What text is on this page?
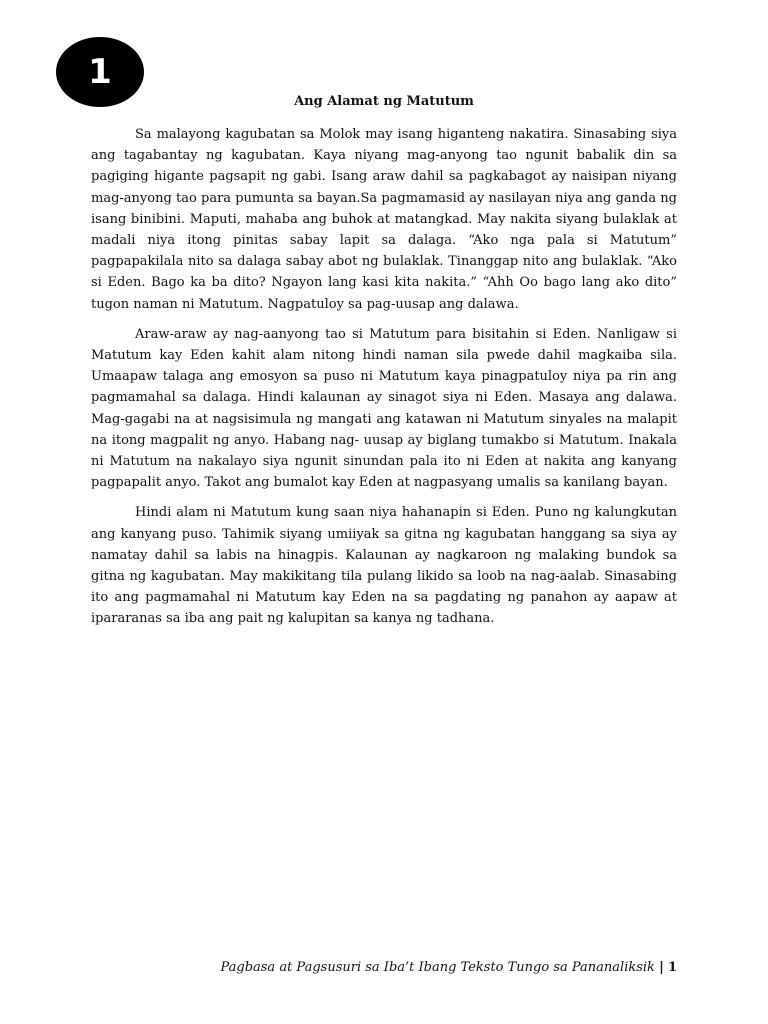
1
Ang Alamat ng Matutum

Sa malayong kagubatan sa Molok may isang higanteng nakatira. Sinasabing siya ang tagabantay ng kagubatan. Kaya niyang mag-anyong tao ngunit babalik din sa pagiging higante pagsapit ng gabi. Isang araw dahil sa pagkabagot ay naisipan niyang mag-anyong tao para pumunta sa bayan.Sa pagmamasid ay nasilayan niya ang ganda ng isang binibini. Maputi, mahaba ang buhok at matangkad. May nakita siyang bulaklak at madali niya itong pinitas sabay lapit sa dalaga. “Ako nga pala si Matutum” pagpapakilala nito sa dalaga sabay abot ng bulaklak. Tinanggap nito ang bulaklak. “Ako si Eden. Bago ka ba dito? Ngayon lang kasi kita nakita.” “Ahh Oo bago lang ako dito” tugon naman ni Matutum. Nagpatuloy sa pag-uusap ang dalawa.

Araw-araw ay nag-aanyong tao si Matutum para bisitahin si Eden. Nanligaw si Matutum kay Eden kahit alam nitong hindi naman sila pwede dahil magkaiba sila. Umaapaw talaga ang emosyon sa puso ni Matutum kaya pinagpatuloy niya pa rin ang pagmamahal sa dalaga. Hindi kalaunan ay sinagot siya ni Eden. Masaya ang dalawa. Mag-gagabi na at nagsisimula ng mangati ang katawan ni Matutum sinyales na malapit na itong magpalit ng anyo. Habang nag- uusap ay biglang tumakbo si Matutum. Inakala ni Matutum na nakalayo siya ngunit sinundan pala ito ni Eden at nakita ang kanyang pagpapalit anyo. Takot ang bumalot kay Eden at nagpasyang umalis sa kanilang bayan.

Hindi alam ni Matutum kung saan niya hahanapin si Eden. Puno ng kalungkutan ang kanyang puso. Tahimik siyang umiiyak sa gitna ng kagubatan hanggang sa siya ay namatay dahil sa labis na hinagpis. Kalaunan ay nagkaroon ng malaking bundok sa gitna ng kagubatan. May makikitang tila pulang likido sa loob na nag-aalab. Sinasabing ito ang pagmamahal ni Matutum kay Eden na sa pagdating ng panahon ay aapaw at ipararanas sa iba ang pait ng kalupitan sa kanya ng tadhana.

Pagbasa at Pagsusuri sa Iba’t Ibang Teksto Tungo sa Pananaliksik | 1
